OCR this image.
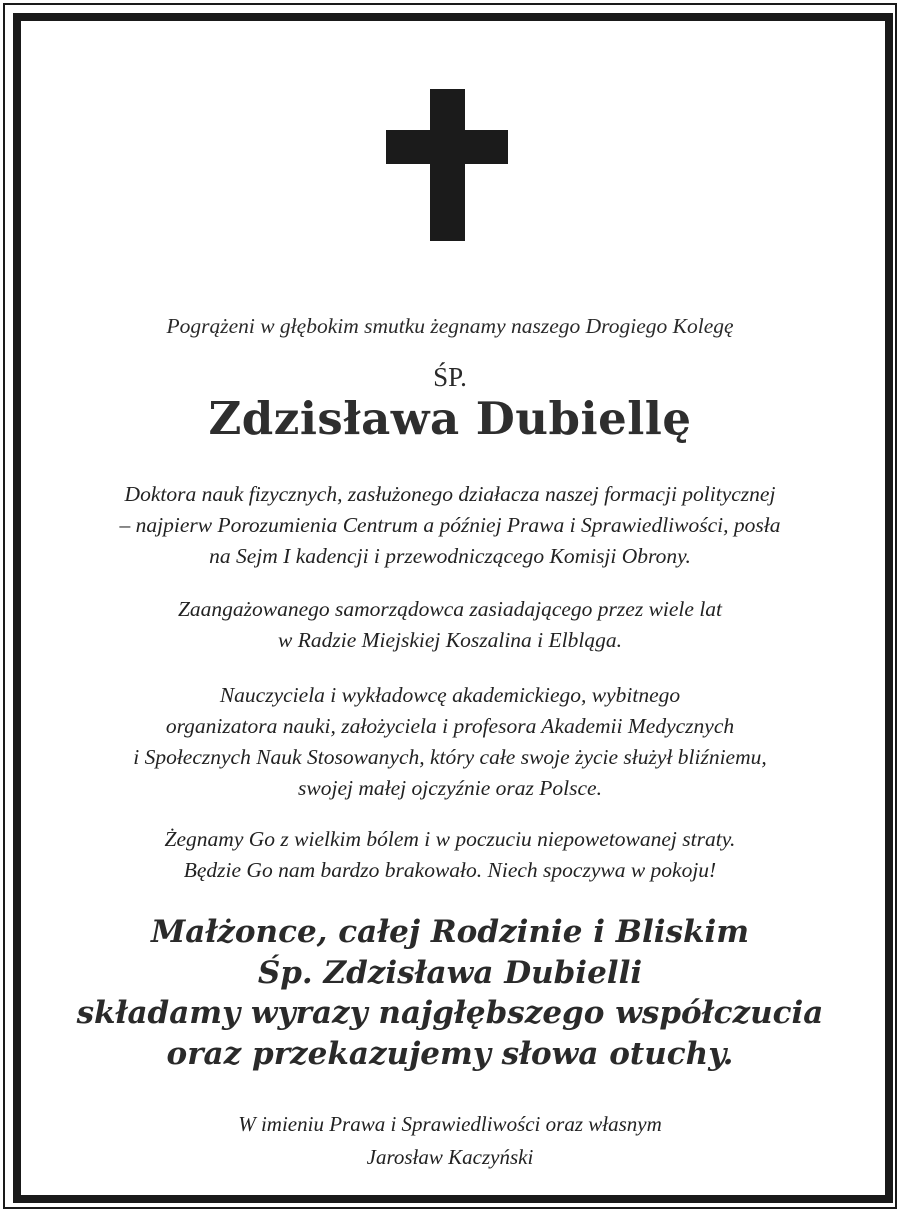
Pogrążeni w głębokim smutku żegnamy naszego Drogiego Kolegę
ŚP.
Zdzisława Dubiellę
Doktora nauk fizycznych, zasłużonego działacza naszej formacji politycznej
– najpierw Porozumienia Centrum a później Prawa i Sprawiedliwości, posła
na Sejm I kadencji i przewodniczącego Komisji Obrony.
Zaangażowanego samorządowca zasiadającego przez wiele lat
w Radzie Miejskiej Koszalina i Elbląga.
Nauczyciela i wykładowcę akademickiego, wybitnego
organizatora nauki, założyciela i profesora Akademii Medycznych
i Społecznych Nauk Stosowanych, który całe swoje życie służył bliźniemu,
swojej małej ojczyźnie oraz Polsce.
Żegnamy Go z wielkim bólem i w poczuciu niepowetowanej straty.
Będzie Go nam bardzo brakowało. Niech spoczywa w pokoju!
Małżonce, całej Rodzinie i Bliskim
Śp. Zdzisława Dubielli
składamy wyrazy najgłębszego współczucia
oraz przekazujemy słowa otuchy.
W imieniu Prawa i Sprawiedliwości oraz własnym
Jarosław Kaczyński
